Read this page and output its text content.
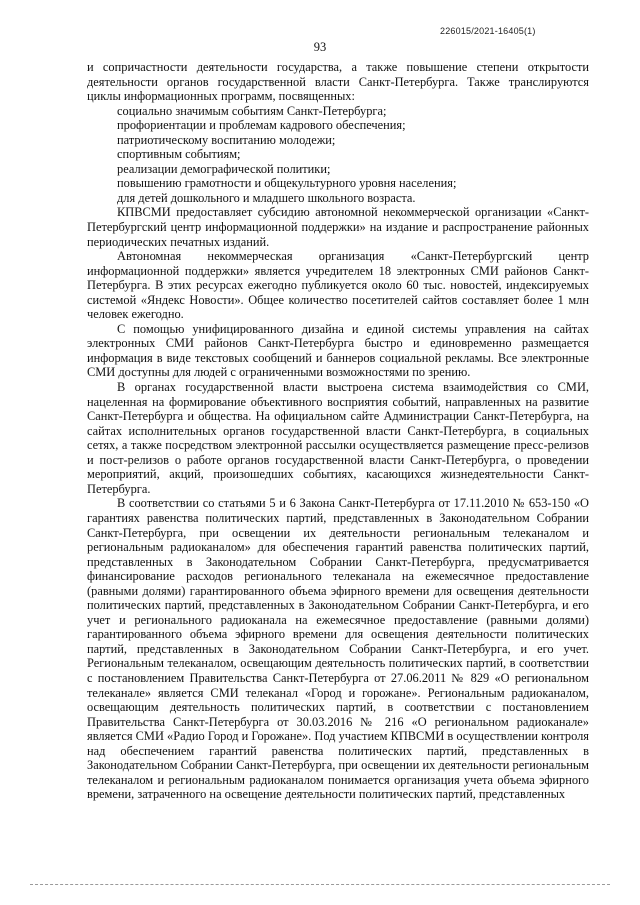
226015/2021-16405(1)
93

и сопричастности деятельности государства, а также повышение степени открытости деятельности органов государственной власти Санкт-Петербурга. Также транслируются циклы информационных программ, посвященных:

социально значимым событиям Санкт-Петербурга;
профориентации и проблемам кадрового обеспечения;
патриотическому воспитанию молодежи;
спортивным событиям;
реализации демографической политики;
повышению грамотности и общекультурного уровня населения;
для детей дошкольного и младшего школьного возраста.

КПВСМИ предоставляет субсидию автономной некоммерческой организации «Санкт-Петербургский центр информационной поддержки» на издание и распространение районных периодических печатных изданий.

Автономная некоммерческая организация «Санкт-Петербургский центр информационной поддержки» является учредителем 18 электронных СМИ районов Санкт-Петербурга. В этих ресурсах ежегодно публикуется около 60 тыс. новостей, индексируемых системой «Яндекс Новости». Общее количество посетителей сайтов составляет более 1 млн человек ежегодно.

С помощью унифицированного дизайна и единой системы управления на сайтах электронных СМИ районов Санкт-Петербурга быстро и единовременно размещается информация в виде текстовых сообщений и баннеров социальной рекламы. Все электронные СМИ доступны для людей с ограниченными возможностями по зрению.

В органах государственной власти выстроена система взаимодействия со СМИ, нацеленная на формирование объективного восприятия событий, направленных на развитие Санкт-Петербурга и общества. На официальном сайте Администрации Санкт-Петербурга, на сайтах исполнительных органов государственной власти Санкт-Петербурга, в социальных сетях, а также посредством электронной рассылки осуществляется размещение пресс-релизов и пост-релизов о работе органов государственной власти Санкт-Петербурга, о проведении мероприятий, акций, произошедших событиях, касающихся жизнедеятельности Санкт-Петербурга.

В соответствии со статьями 5 и 6 Закона Санкт-Петербурга от 17.11.2010 № 653-150 «О гарантиях равенства политических партий, представленных в Законодательном Собрании Санкт-Петербурга, при освещении их деятельности региональным телеканалом и региональным радиоканалом» для обеспечения гарантий равенства политических партий, представленных в Законодательном Собрании Санкт-Петербурга, предусматривается финансирование расходов регионального телеканала на ежемесячное предоставление (равными долями) гарантированного объема эфирного времени для освещения деятельности политических партий, представленных в Законодательном Собрании Санкт-Петербурга, и его учет и регионального радиоканала на ежемесячное предоставление (равными долями) гарантированного объема эфирного времени для освещения деятельности политических партий, представленных в Законодательном Собрании Санкт-Петербурга, и его учет. Региональным телеканалом, освещающим деятельность политических партий, в соответствии с постановлением Правительства Санкт-Петербурга от 27.06.2011 № 829 «О региональном телеканале» является СМИ телеканал «Город и горожане». Региональным радиоканалом, освещающим деятельность политических партий, в соответствии с постановлением Правительства Санкт-Петербурга от 30.03.2016 № 216 «О региональном радиоканале» является СМИ «Радио Город и Горожане». Под участием КПВСМИ в осуществлении контроля над обеспечением гарантий равенства политических партий, представленных в Законодательном Собрании Санкт-Петербурга, при освещении их деятельности региональным телеканалом и региональным радиоканалом понимается организация учета объема эфирного времени, затраченного на освещение деятельности политических партий, представленных
